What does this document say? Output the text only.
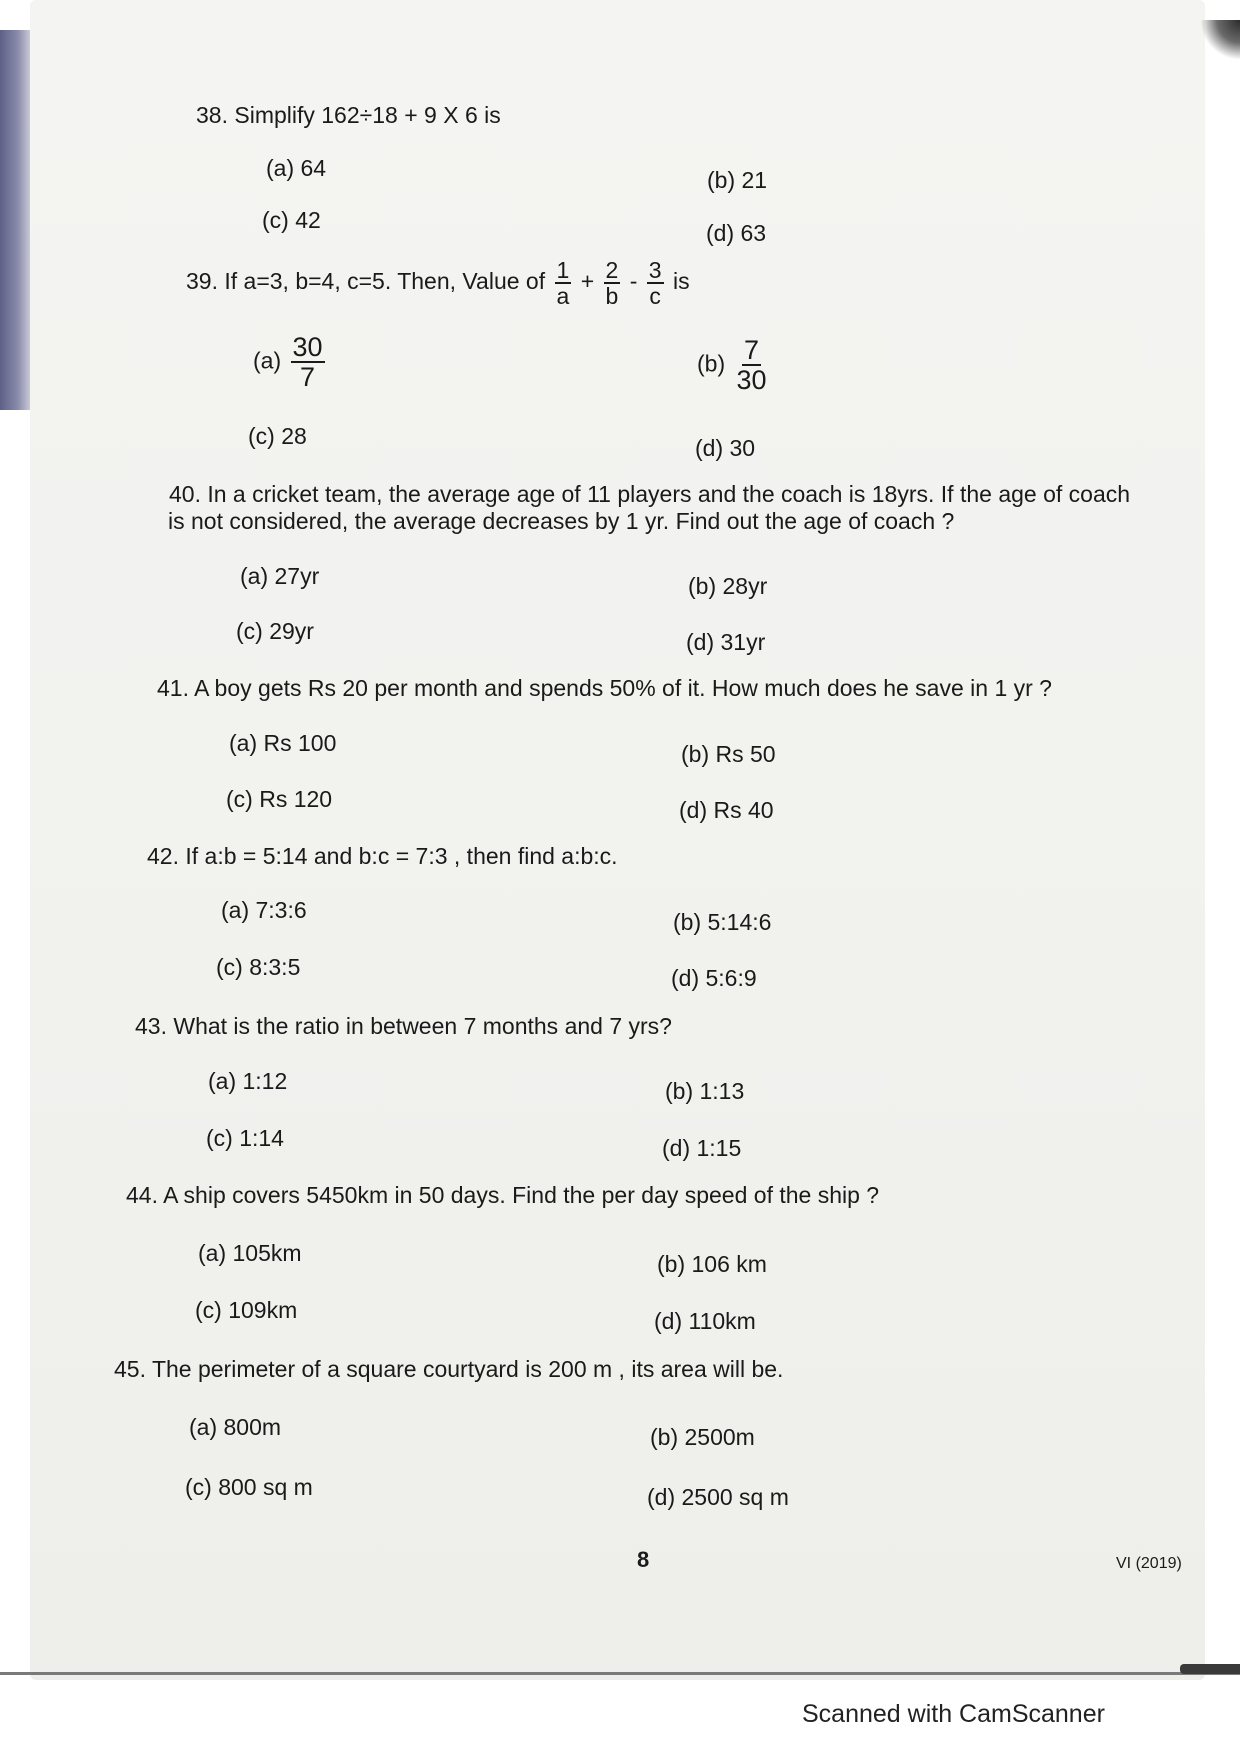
38. Simplify 162÷18 + 9 X 6 is
(a) 64	(b) 21
(c) 42	(d) 63
39. If a=3, b=4, c=5. Then, Value of $\frac{1}{a} + \frac{2}{b} - \frac{3}{c}$ is
$(a) \frac{30}{7}$	$(b) \frac{7}{30}$
(c) 28	(d) 30
40. In a cricket team, the average age of 11 players and the coach is 18yrs. If the age of coach
is not considered, the average decreases by 1 yr. Find out the age of coach ?
(a) 27yr	(b) 28yr
(c) 29yr	(d) 31yr
41. A boy gets Rs 20 per month and spends 50% of it. How much does he save in 1 yr ?
(a) Rs 100	(b) Rs 50
(c) Rs 120	(d) Rs 40
42. If a:b = 5:14 and b:c = 7:3 , then find a:b:c.
(a) 7:3:6	(b) 5:14:6
(c) 8:3:5	(d) 5:6:9
43. What is the ratio in between 7 months and 7 yrs?
(a) 1:12	(b) 1:13
(c) 1:14	(d) 1:15
44. A ship covers 5450km in 50 days. Find the per day speed of the ship ?
(a) 105km	(b) 106 km
(c) 109km	(d) 110km
45. The perimeter of a square courtyard is 200 m , its area will be.
(a) 800m	(b) 2500m
(c) 800 sq m	(d) 2500 sq m
8	VI (2019)
Scanned with CamScanner
